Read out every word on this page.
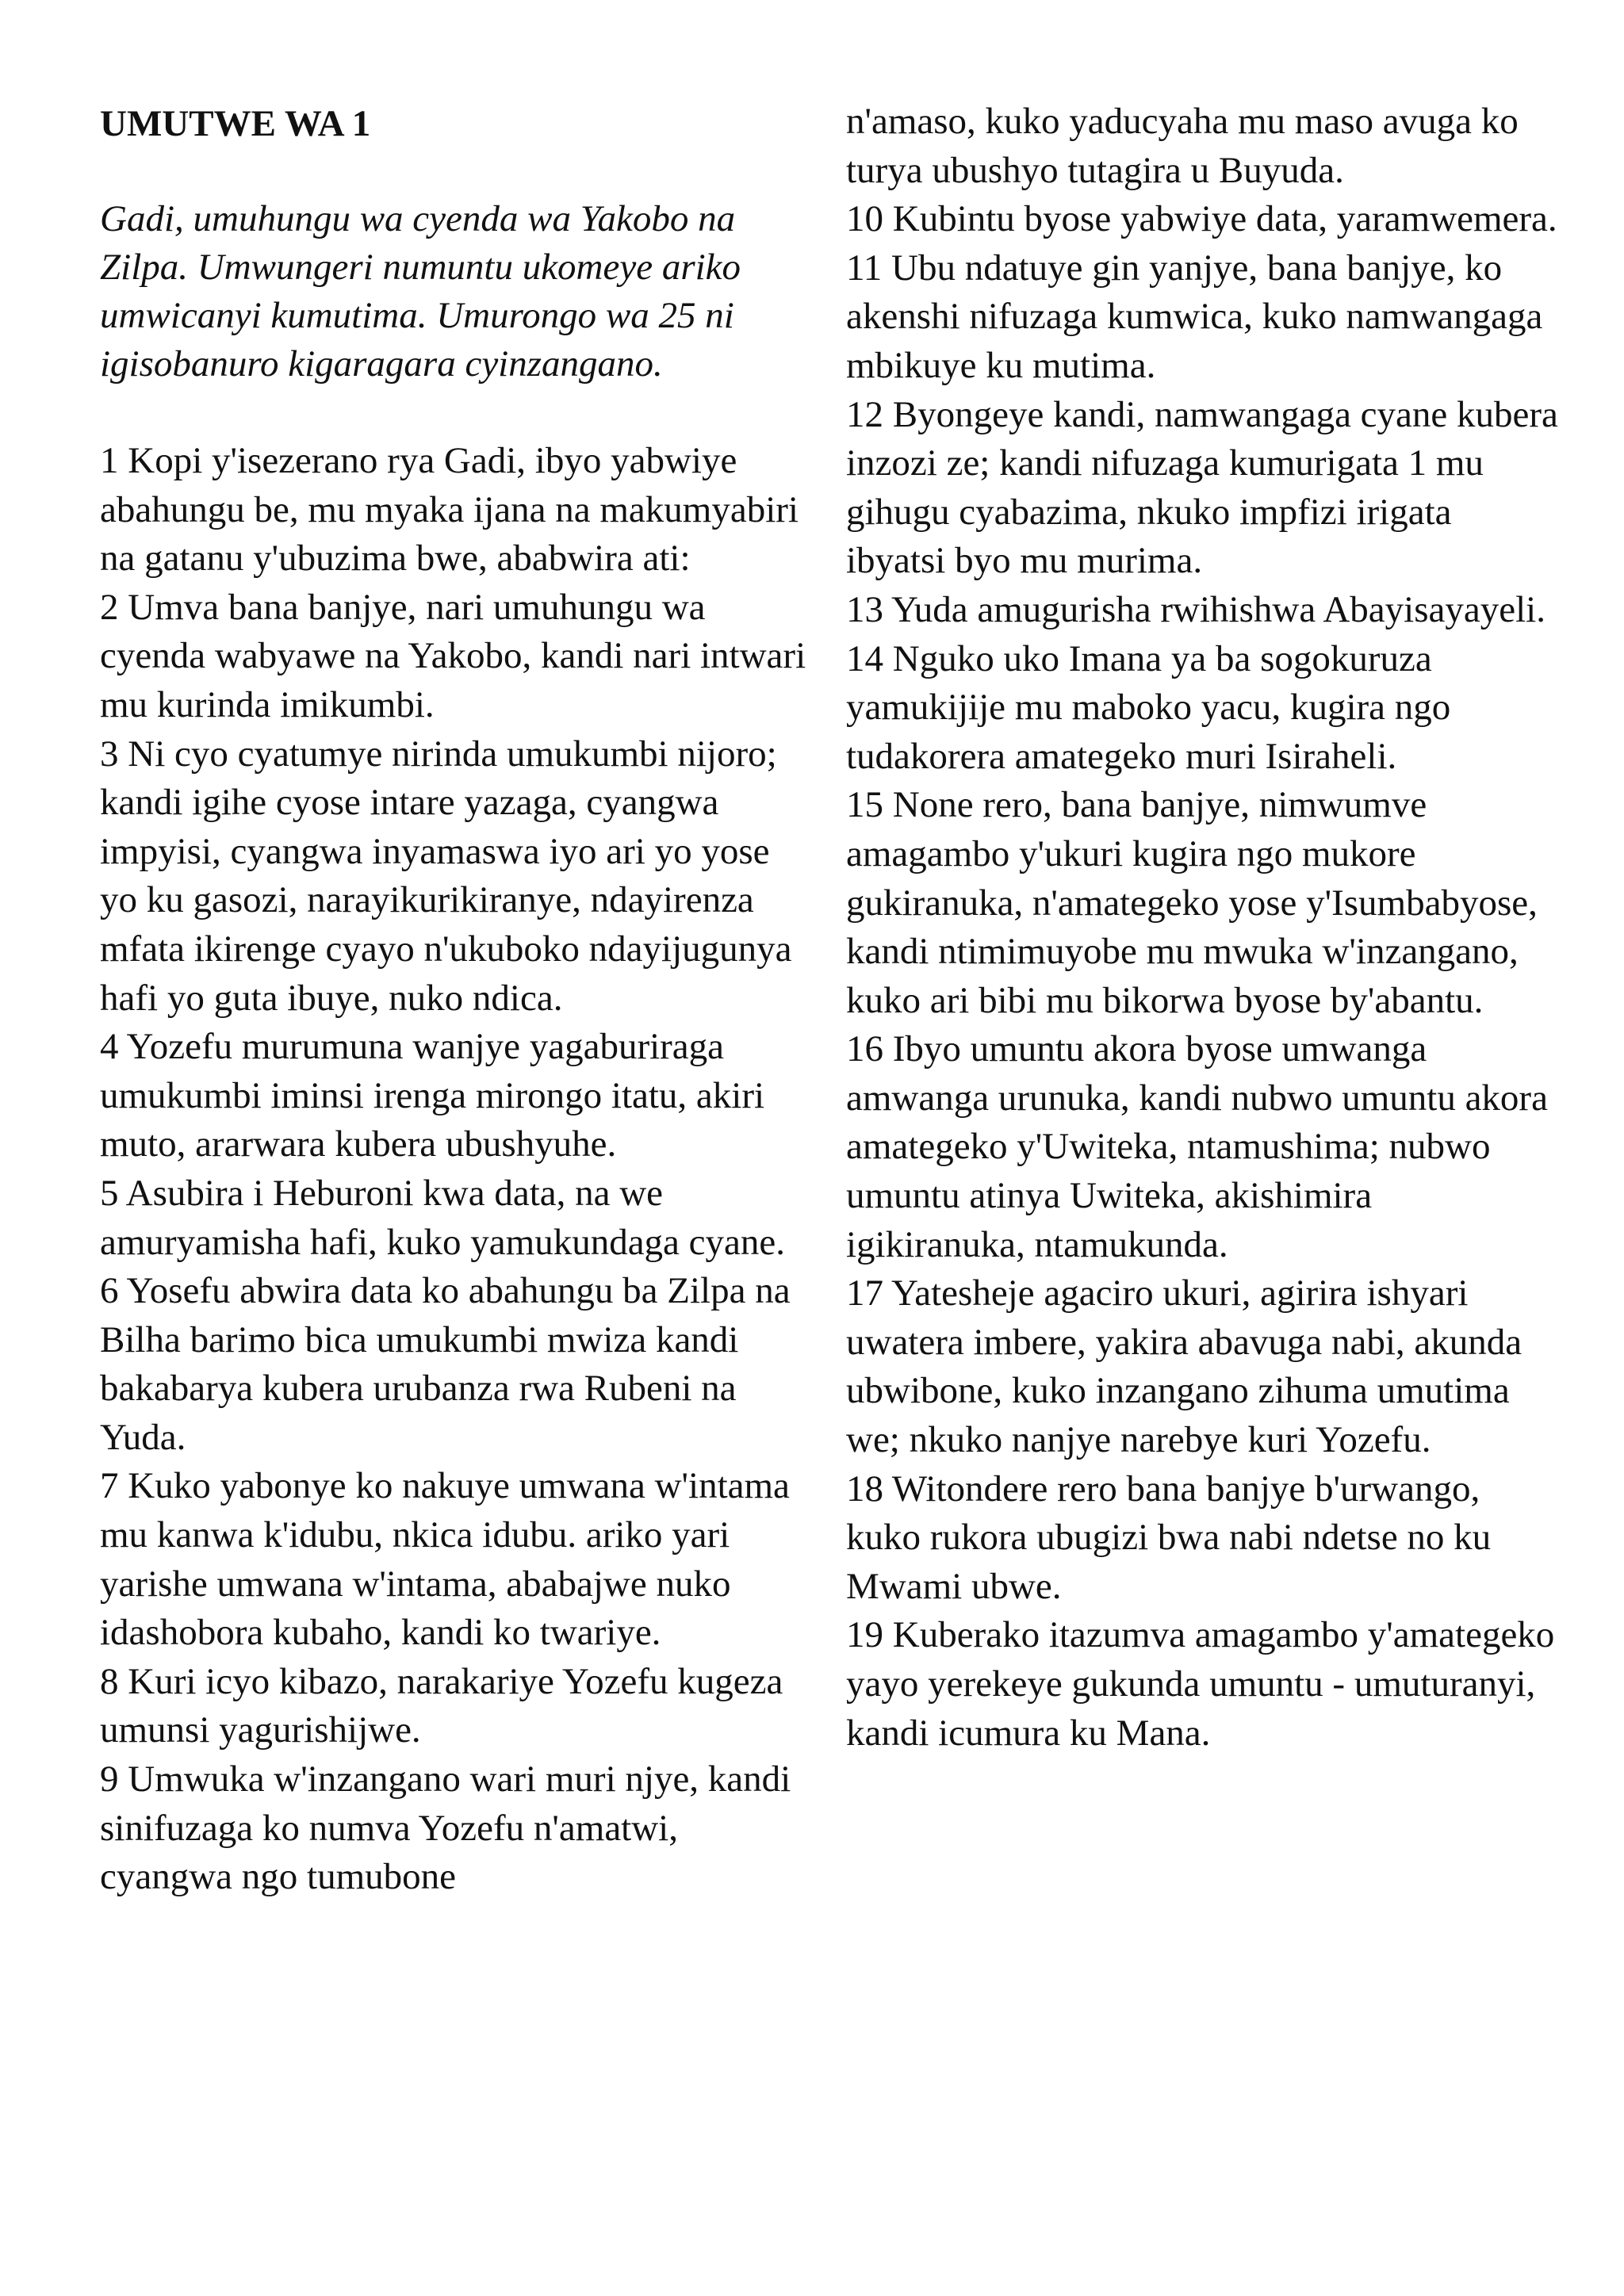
UMUTWE WA 1
Gadi, umuhungu wa cyenda wa Yakobo na Zilpa. Umwungeri numuntu ukomeye ariko umwicanyi kumutima. Umurongo wa 25 ni igisobanuro kigaragara cyinzangano.

1 Kopi y'isezerano rya Gadi, ibyo yabwiye abahungu be, mu myaka ijana na makumyabiri na gatanu y'ubuzima bwe, ababwira ati:

2 Umva bana banjye, nari umuhungu wa cyenda wabyawe na Yakobo, kandi nari intwari mu kurinda imikumbi.

3 Ni cyo cyatumye nirinda umukumbi nijoro; kandi igihe cyose intare yazaga, cyangwa impyisi, cyangwa inyamaswa iyo ari yo yose yo ku gasozi, narayikurikiranye, ndayirenza mfata ikirenge cyayo n'ukuboko ndayijugunya hafi yo guta ibuye, nuko ndica.

4 Yozefu murumuna wanjye yagaburiraga umukumbi iminsi irenga mirongo itatu, akiri muto, ararwara kubera ubushyuhe.

5 Asubira i Heburoni kwa data, na we amuryamisha hafi, kuko yamukundaga cyane.

6 Yosefu abwira data ko abahungu ba Zilpa na Bilha barimo bica umukumbi mwiza kandi bakabarya kubera urubanza rwa Rubeni na Yuda.

7 Kuko yabonye ko nakuye umwana w'intama mu kanwa k'idubu, nkica idubu. ariko yari yarishe umwana w'intama, ababajwe nuko idashobora kubaho, kandi ko twariye.

8 Kuri icyo kibazo, narakariye Yozefu kugeza umunsi yagurishijwe.

9 Umwuka w'inzangano wari muri njye, kandi sinifuzaga ko numva Yozefu n'amatwi, cyangwa ngo tumubone

n'amaso, kuko yaducyaha mu maso avuga ko turya ubushyo tutagira u Buyuda.

10 Kubintu byose yabwiye data, yaramwemera.

11 Ubu ndatuye gin yanjye, bana banjye, ko akenshi nifuzaga kumwica, kuko namwangaga mbikuye ku mutima.

12 Byongeye kandi, namwangaga cyane kubera inzozi ze; kandi nifuzaga kumurigata 1 mu gihugu cyabazima, nkuko impfizi irigata ibyatsi byo mu murima.

13 Yuda amugurisha rwihishwa Abayisayayeli.

14 Nguko uko Imana ya ba sogokuruza yamukijije mu maboko yacu, kugira ngo tudakorera amategeko muri Isiraheli.

15 None rero, bana banjye, nimwumve amagambo y'ukuri kugira ngo mukore gukiranuka, n'amategeko yose y'Isumbabyose, kandi ntimimuyobe mu mwuka w'inzangano, kuko ari bibi mu bikorwa byose by'abantu.

16 Ibyo umuntu akora byose umwanga amwanga urunuka, kandi nubwo umuntu akora amategeko y'Uwiteka, ntamushima; nubwo umuntu atinya Uwiteka, akishimira igikiranuka, ntamukunda.

17 Yatesheje agaciro ukuri, agirira ishyari uwatera imbere, yakira abavuga nabi, akunda ubwibone, kuko inzangano zihuma umutima we; nkuko nanjye narebye kuri Yozefu.

18 Witondere rero bana banjye b'urwango, kuko rukora ubugizi bwa nabi ndetse no ku Mwami ubwe.

19 Kuberako itazumva amagambo y'amategeko yayo yerekeye gukunda umuntu - umuturanyi, kandi icumura ku Mana.
